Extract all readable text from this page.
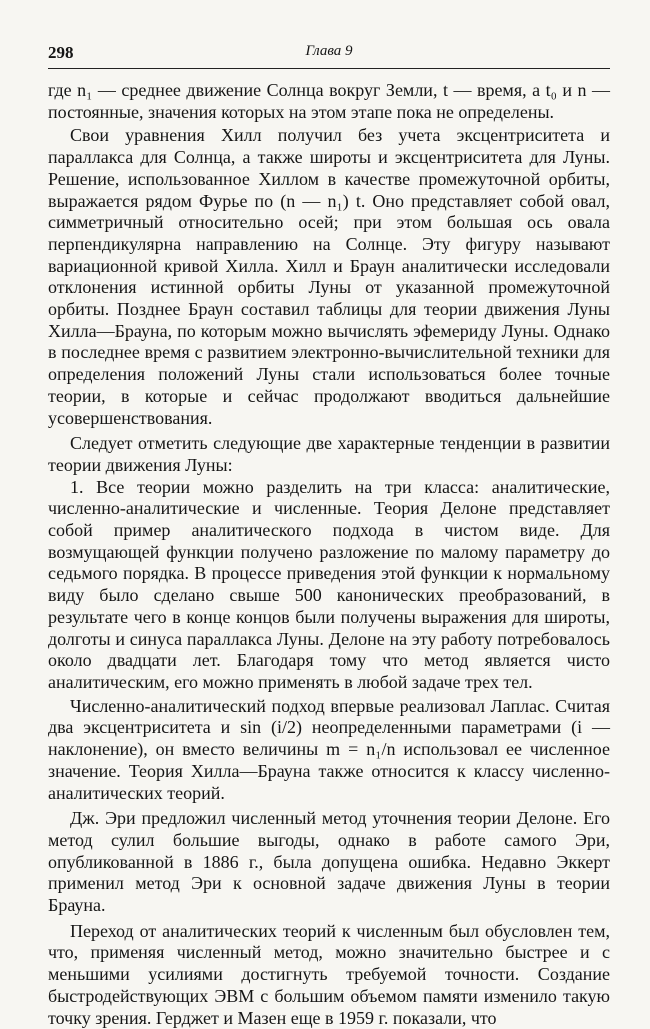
298	Глава 9

где n₁ — среднее движение Солнца вокруг Земли, t — время, а t₀ и n — постоянные, значения которых на этом этапе пока не определены.

Свои уравнения Хилл получил без учета эксцентриситета и параллакса для Солнца, а также широты и эксцентриситета для Луны. Решение, использованное Хиллом в качестве промежуточной орбиты, выражается рядом Фурье по (n — n₁) t. Оно представляет собой овал, симметричный относительно осей; при этом большая ось овала перпендикулярна направлению на Солнце. Эту фигуру называют вариационной кривой Хилла. Хилл и Браун аналитически исследовали отклонения истинной орбиты Луны от указанной промежуточной орбиты. Позднее Браун составил таблицы для теории движения Луны Хилла—Брауна, по которым можно вычислять эфемериду Луны. Однако в последнее время с развитием электронно-вычислительной техники для определения положений Луны стали использоваться более точные теории, в которые и сейчас продолжают вводиться дальнейшие усовершенствования.

Следует отметить следующие две характерные тенденции в развитии теории движения Луны:

1. Все теории можно разделить на три класса: аналитические, численно-аналитические и численные. Теория Делоне представляет собой пример аналитического подхода в чистом виде. Для возмущающей функции получено разложение по малому параметру до седьмого порядка. В процессе приведения этой функции к нормальному виду было сделано свыше 500 канонических преобразований, в результате чего в конце концов были получены выражения для широты, долготы и синуса параллакса Луны. Делоне на эту работу потребовалось около двадцати лет. Благодаря тому что метод является чисто аналитическим, его можно применять в любой задаче трех тел.

Численно-аналитический подход впервые реализовал Лаплас. Считая два эксцентриситета и sin (i/2) неопределенными параметрами (i — наклонение), он вместо величины m = n₁/n использовал ее численное значение. Теория Хилла—Брауна также относится к классу численно-аналитических теорий.

Дж. Эри предложил численный метод уточнения теории Делоне. Его метод сулил большие выгоды, однако в работе самого Эри, опубликованной в 1886 г., была допущена ошибка. Недавно Эккерт применил метод Эри к основной задаче движения Луны в теории Брауна.

Переход от аналитических теорий к численным был обусловлен тем, что, применяя численный метод, можно значительно быстрее и с меньшими усилиями достигнуть требуемой точности. Создание быстродействующих ЭВМ с большим объемом памяти изменило такую точку зрения. Герджет и Мазен еще в 1959 г. показали, что
